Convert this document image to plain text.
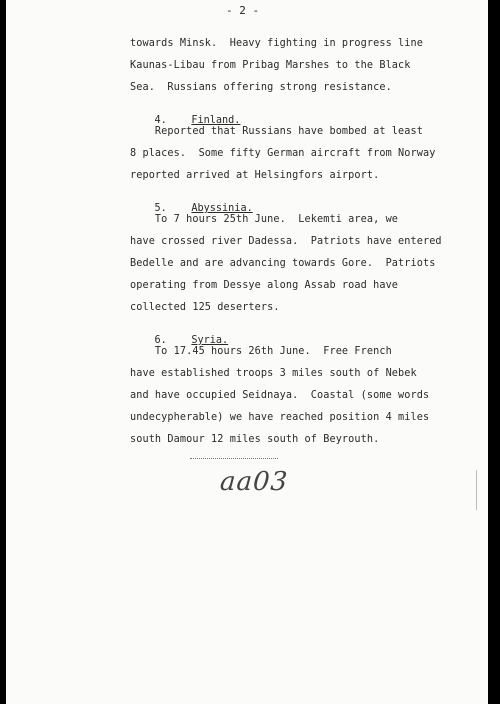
- 2 -
towards Minsk.  Heavy fighting in progress line
Kaunas-Libau from Pribag Marshes to the Black
Sea.  Russians offering strong resistance.

4. Finland.

Reported that Russians have bombed at least
8 places.  Some fifty German aircraft from Norway
reported arrived at Helsingfors airport.

5. Abyssinia.

To 7 hours 25th June.  Lekemti area, we
have crossed river Dadessa.  Patriots have entered
Bedelle and are advancing towards Gore.  Patriots
operating from Dessye along Assab road have
collected 125 deserters.

6. Syria.

To 17.45 hours 26th June.  Free French
have established troops 3 miles south of Nebek
and have occupied Seidnaya.  Coastal (some words
undecypherable) we have reached position 4 miles
south Damour 12 miles south of Beyrouth.
aa03
